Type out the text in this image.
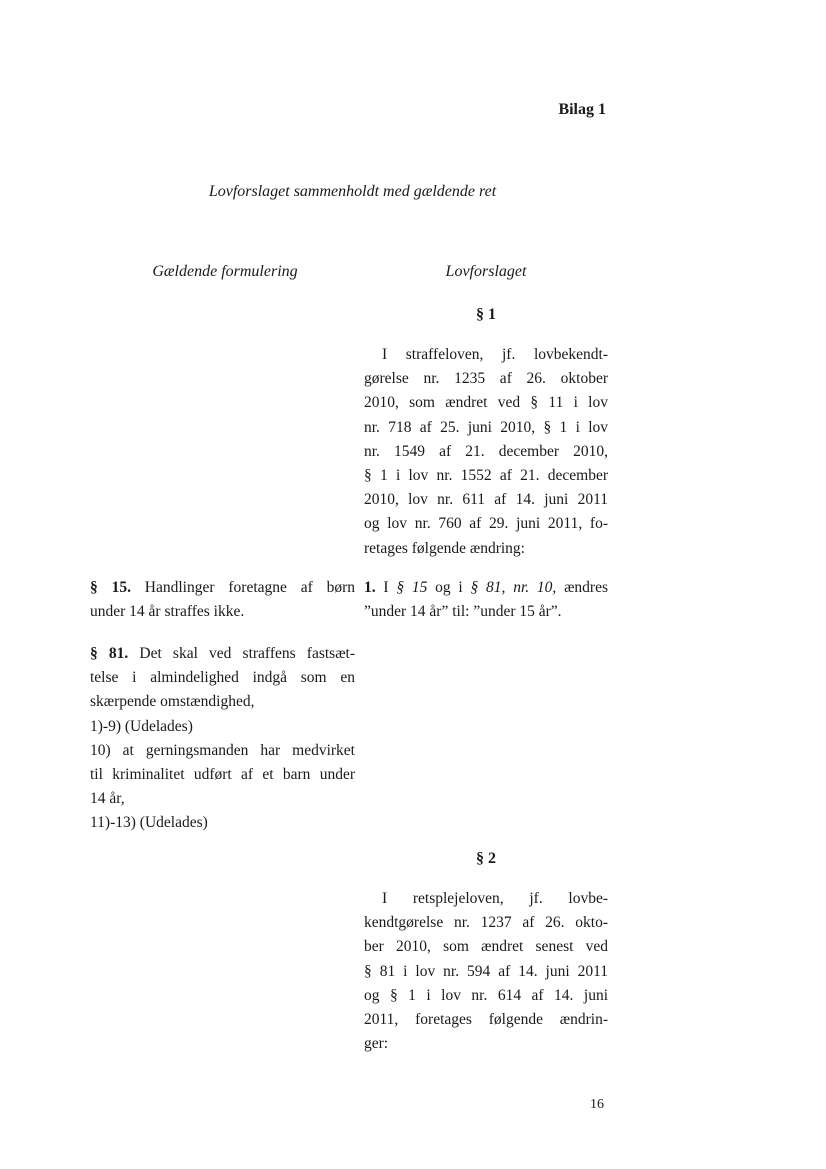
Bilag 1
Lovforslaget sammenholdt med gældende ret
Gældende formulering	Lovforslaget
§ 1
I straffeloven, jf. lovbekendt-
gørelse nr. 1235 af 26. oktober
2010, som ændret ved § 11 i lov
nr. 718 af 25. juni 2010, § 1 i lov
nr. 1549 af 21. december 2010,
§ 1 i lov nr. 1552 af 21. december
2010, lov nr. 611 af 14. juni 2011
og lov nr. 760 af 29. juni 2011, fo-
retages følgende ændring:
§ 15. Handlinger foretagne af børn
under 14 år straffes ikke.
1. I § 15 og i § 81, nr. 10, ændres
”under 14 år” til: ”under 15 år”.
§ 81. Det skal ved straffens fastsæt-
telse i almindelighed indgå som en
skærpende omstændighed,
1)-9) (Udelades)
10) at gerningsmanden har medvirket
til kriminalitet udført af et barn under
14 år,
11)-13) (Udelades)
§ 2
I retsplejeloven, jf. lovbe-
kendtgørelse nr. 1237 af 26. okto-
ber 2010, som ændret senest ved
§ 81 i lov nr. 594 af 14. juni 2011
og § 1 i lov nr. 614 af 14. juni
2011, foretages følgende ændrin-
ger:
16
